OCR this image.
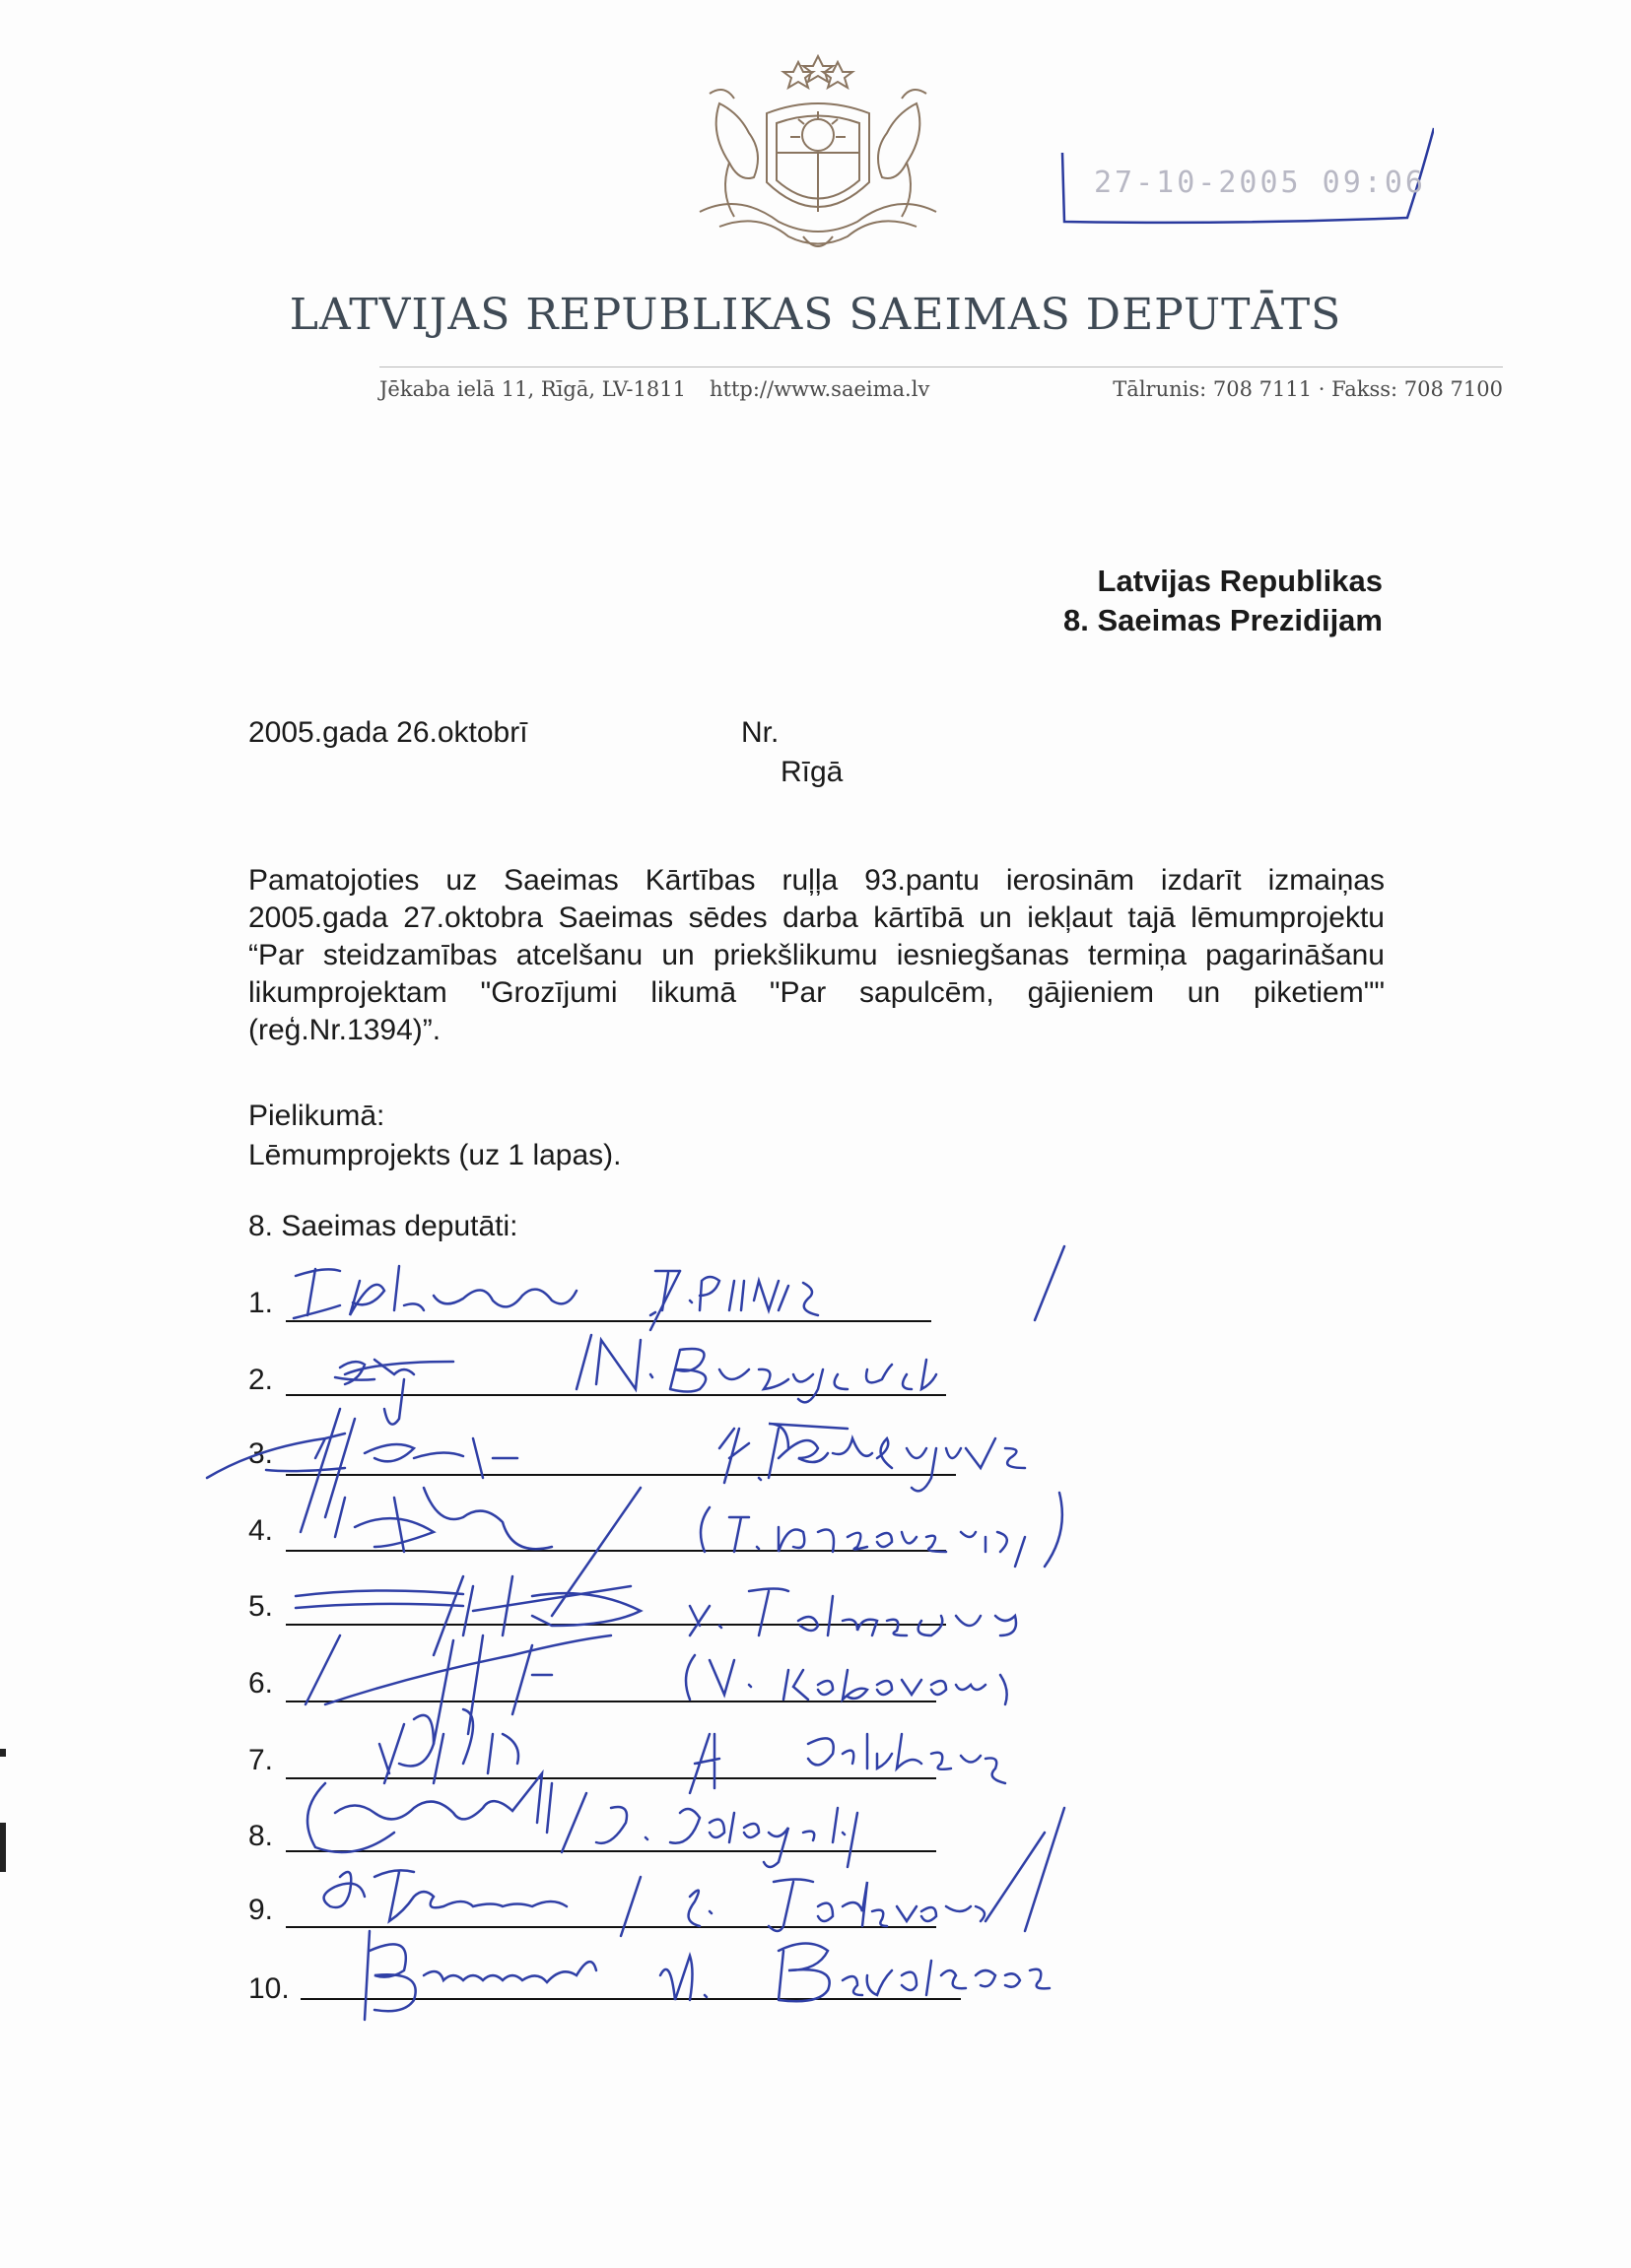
27-10-2005 09:06
LATVIJAS REPUBLIKAS SAEIMAS DEPUTĀTS
Jēkaba ielā 11, Rīgā, LV-1811 http://www.saeima.lv	Tālrunis: 708 7111 · Fakss: 708 7100
Latvijas Republikas
8. Saeimas Prezidijam
2005.gada 26.oktobrī	Nr.
Rīgā
Pamatojoties uz Saeimas Kārtības ruļļa 93.pantu ierosinām izdarīt izmaiņas 2005.gada 27.oktobra Saeimas sēdes darba kārtībā un iekļaut tajā lēmumprojektu “Par steidzamības atcelšanu un priekšlikumu iesniegšanas termiņa pagarināšanu likumprojektam "Grozījumi likumā "Par sapulcēm, gājieniem un piketiem"" (reģ.Nr.1394)”.
Pielikumā:
Lēmumprojekts (uz 1 lapas).
8. Saeimas deputāti:
1.
2.
3.
4.
5.
6.
7.
8.
9.
10.
